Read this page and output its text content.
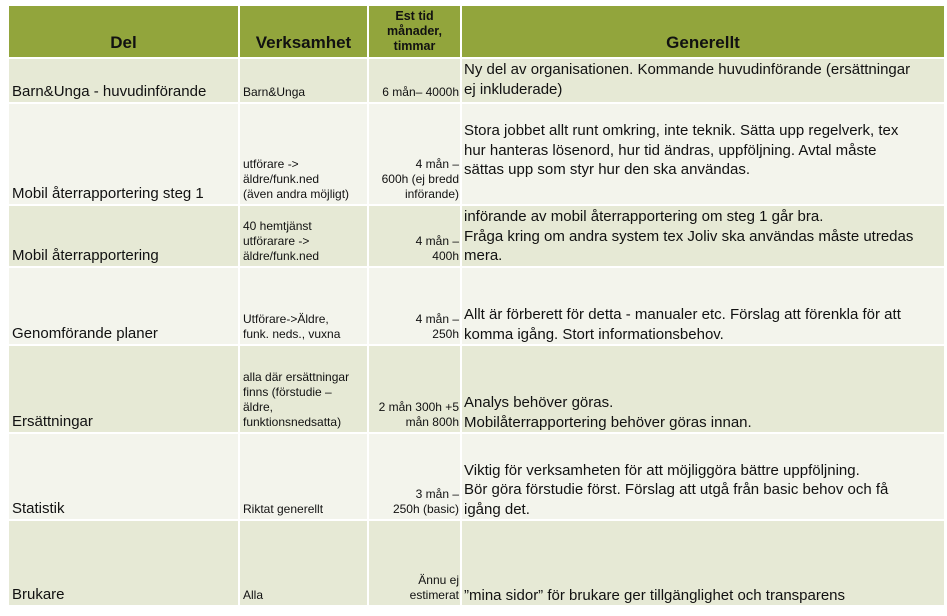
Del	Verksamhet	Est tid
månader,
timmar	Generellt
Barn&Unga - huvudinförande	Barn&Unga	6 mån– 4000h	Ny del av organisationen. Kommande huvudinförande (ersättningar
ej inkluderade)
Mobil återrapportering steg 1	utförare ->
äldre/funk.ned
(även andra möjligt)	4 mån –
600h (ej bredd
införande)	Stora jobbet allt runt omkring, inte teknik. Sätta upp regelverk, tex
hur hanteras lösenord, hur tid ändras, uppföljning. Avtal måste
sättas upp som styr hur den ska användas.
Mobil återrapportering	40 hemtjänst
utförarare ->
äldre/funk.ned	4 mån –
400h	införande av mobil återrapportering om steg 1 går bra.
Fråga kring om andra system tex Joliv ska användas måste utredas
mera.
Genomförande planer	Utförare->Äldre,
funk. neds., vuxna	4 mån –
250h	Allt är förberett för detta - manualer etc. Förslag att förenkla för att
komma igång. Stort informationsbehov.
Ersättningar	alla där ersättningar
finns (förstudie –
äldre,
funktionsnedsatta)	2 mån 300h +5
mån 800h	Analys behöver göras.
Mobilåterrapportering behöver göras innan.
Statistik	Riktat generellt	3 mån –
250h (basic)	Viktig för verksamheten för att möjliggöra bättre uppföljning.
Bör göra förstudie först. Förslag att utgå från basic behov och få
igång det.
Brukare	Alla	Ännu ej
estimerat	”mina sidor” för brukare ger tillgänglighet och transparens
